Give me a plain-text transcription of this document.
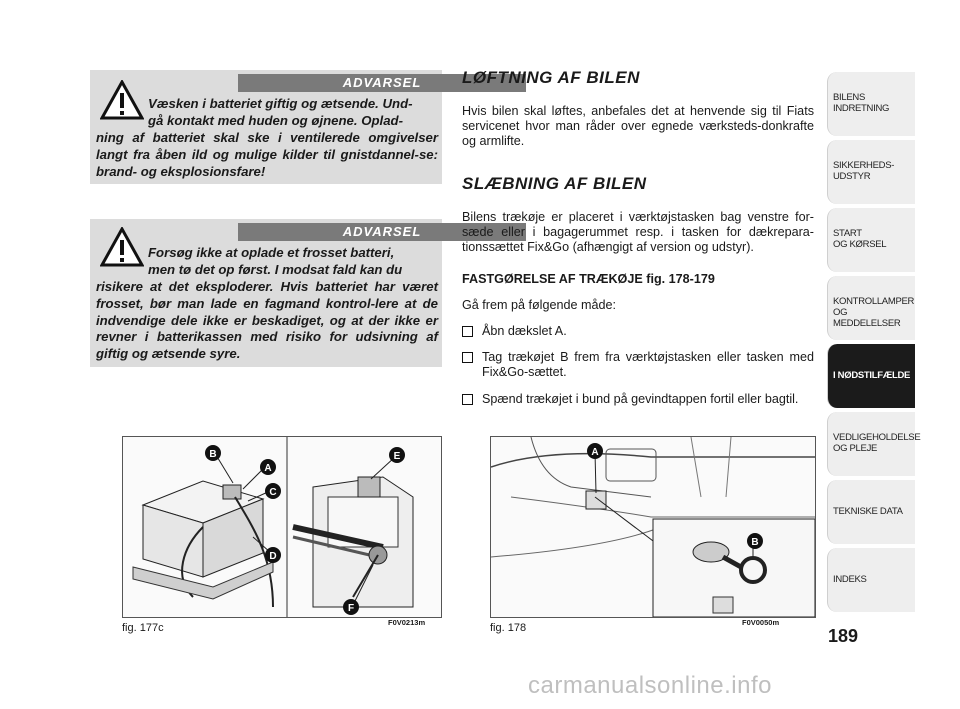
ADVARSEL
Væsken i batteriet giftig og ætsende. Und-
gå kontakt med huden og øjnene. Oplad-
ning af batteriet skal ske i ventilerede omgivelser langt fra åben ild og mulige kilder til gnistdannel-se: brand- og eksplosionsfare!
ADVARSEL
Forsøg ikke at oplade et frosset batteri,
men tø det op først. I modsat fald kan du
risikere at det eksploderer. Hvis batteriet har været frosset, bør man lade en fagmand kontrol-lere at de indvendige dele ikke er beskadiget, og at der ikke er revner i batterikassen med risiko for udsivning af giftig og ætsende syre.
B
A
C
D
E
F
fig. 177c	F0V0213m
A
B
fig. 178	F0V0050m
LØFTNING AF BILEN
Hvis bilen skal løftes, anbefales det at henvende sig til Fiats servicenet hvor man råder over egnede værksteds-donkrafte og armlifte.
SLÆBNING AF BILEN
Bilens trækøje er placeret i værktøjstasken bag venstre for-sæde eller i bagagerummet resp. i tasken for dækrepara-tionssættet Fix&Go (afhængigt af version og udstyr).
FASTGØRELSE AF TRÆKØJE fig. 178-179
Gå frem på følgende måde:
Åbn dækslet A.
Tag trækøjet B frem fra værktøjstasken eller tasken med Fix&Go-sættet.
Spænd trækøjet i bund på gevindtappen fortil eller bagtil.
BILENS
INDRETNING
SIKKERHEDS-
UDSTYR
START
OG KØRSEL
KONTROLLAMPER
OG MEDDELELSER
I NØDSTILFÆLDE
VEDLIGEHOLDELSE
OG PLEJE
TEKNISKE DATA
INDEKS
189
carmanualsonline.info
